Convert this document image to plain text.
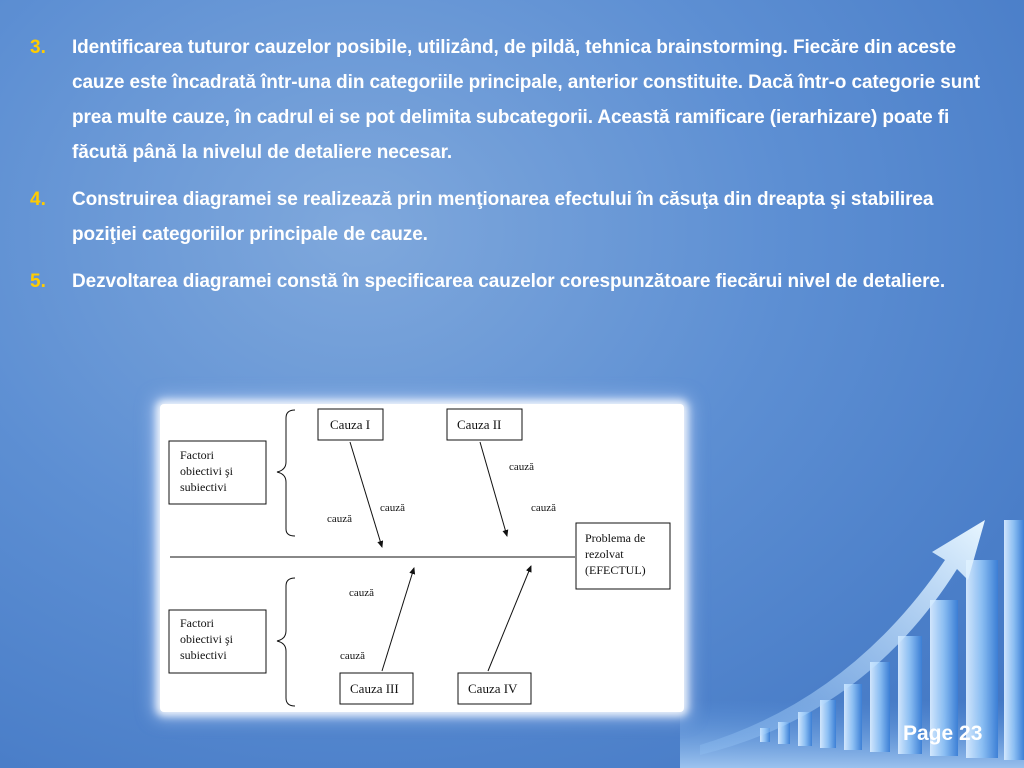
3.	Identificarea tuturor cauzelor posibile, utilizând, de pildă, tehnica brainstorming. Fiecăre din aceste cauze este încadrată într-una din categoriile principale, anterior constituite. Dacă într-o categorie sunt prea multe cauze, în cadrul ei se pot delimita subcategorii. Această ramificare (ierarhizare) poate fi făcută până la nivelul de detaliere necesar.
4.	Construirea diagramei se realizează prin menţionarea efectului în căsuţa din dreapta şi stabilirea poziţiei categoriilor principale de cauze.
5.	Dezvoltarea diagramei constă în specificarea cauzelor corespunzătoare fiecărui nivel de detaliere.
Factori obiectivi şi subiectivi
Factori obiectivi şi subiectivi
Cauza I	Cauza II
Cauza III	Cauza IV
Problema de rezolvat (EFECTUL)
cauză
cauză
cauză
cauză
cauză
cauză
Page 23
